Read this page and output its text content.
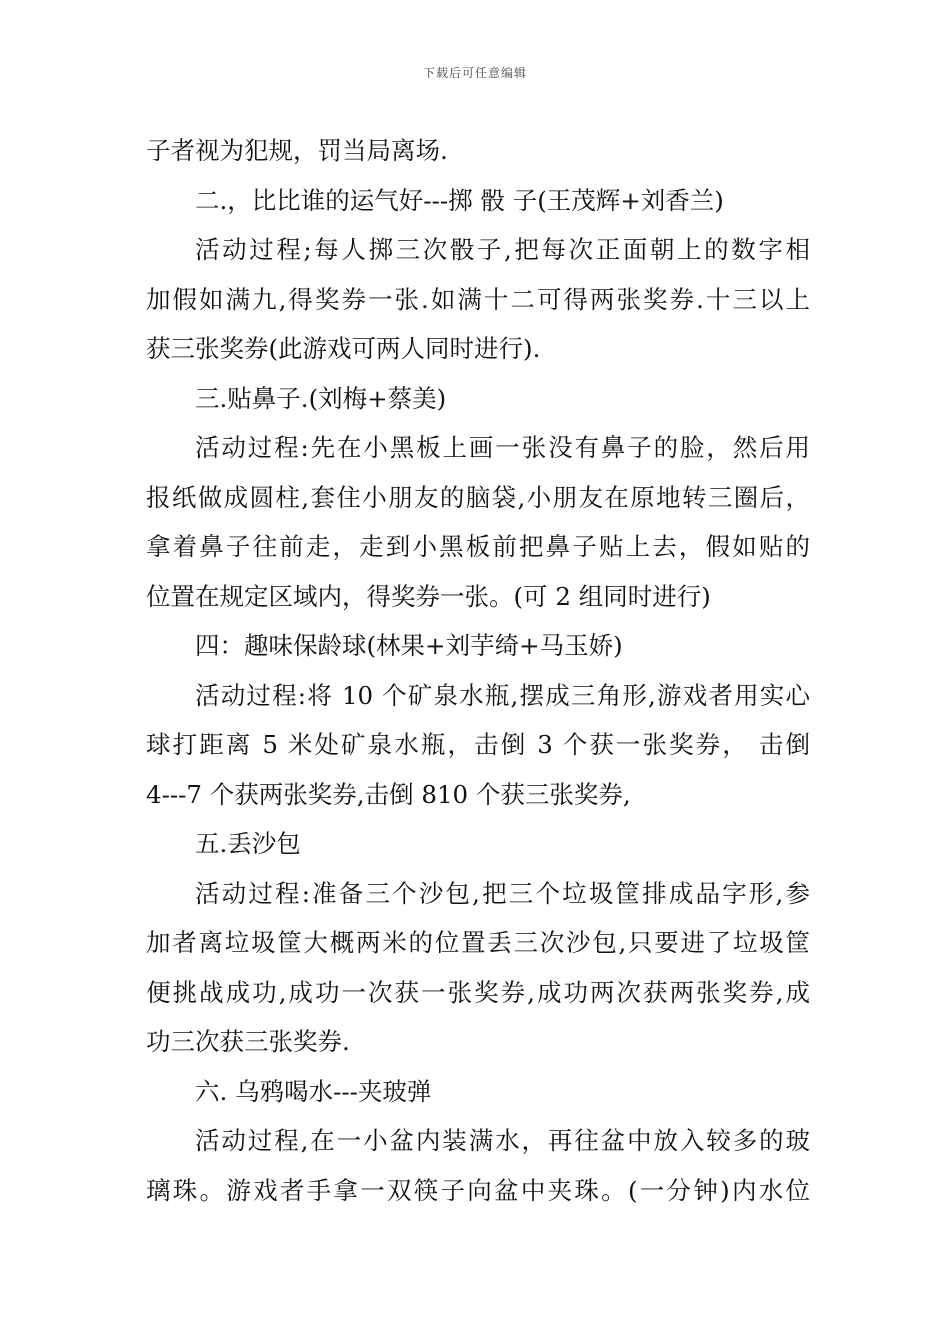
下载后可任意编辑
子者视为犯规，罚当局离场.
二.，比比谁的运气好---掷 骰 子(王茂辉+刘香兰)
活动过程;每人掷三次骰子,把每次正面朝上的数字相
加假如满九,得奖券一张.如满十二可得两张奖券.十三以上
获三张奖券(此游戏可两人同时进行).
三.贴鼻子.(刘梅+蔡美)
活动过程:先在小黑板上画一张没有鼻子的脸，然后用
报纸做成圆柱,套住小朋友的脑袋,小朋友在原地转三圈后，
拿着鼻子往前走，走到小黑板前把鼻子贴上去，假如贴的
位置在规定区域内，得奖券一张。(可 2 组同时进行)
四：趣味保龄球(林果+刘芋绮+马玉娇)
活动过程:将 10 个矿泉水瓶,摆成三角形,游戏者用实心
球打距离 5 米处矿泉水瓶，击倒 3 个获一张奖券， 击倒
4---7 个获两张奖券,击倒 810 个获三张奖券,
五.丢沙包
活动过程:准备三个沙包,把三个垃圾筐排成品字形,参
加者离垃圾筐大概两米的位置丢三次沙包,只要进了垃圾筐
便挑战成功,成功一次获一张奖券,成功两次获两张奖券,成
功三次获三张奖券.
六. 乌鸦喝水---夹玻弹
活动过程,在一小盆内装满水，再往盆中放入较多的玻
璃珠。游戏者手拿一双筷子向盆中夹珠。(一分钟)内水位
